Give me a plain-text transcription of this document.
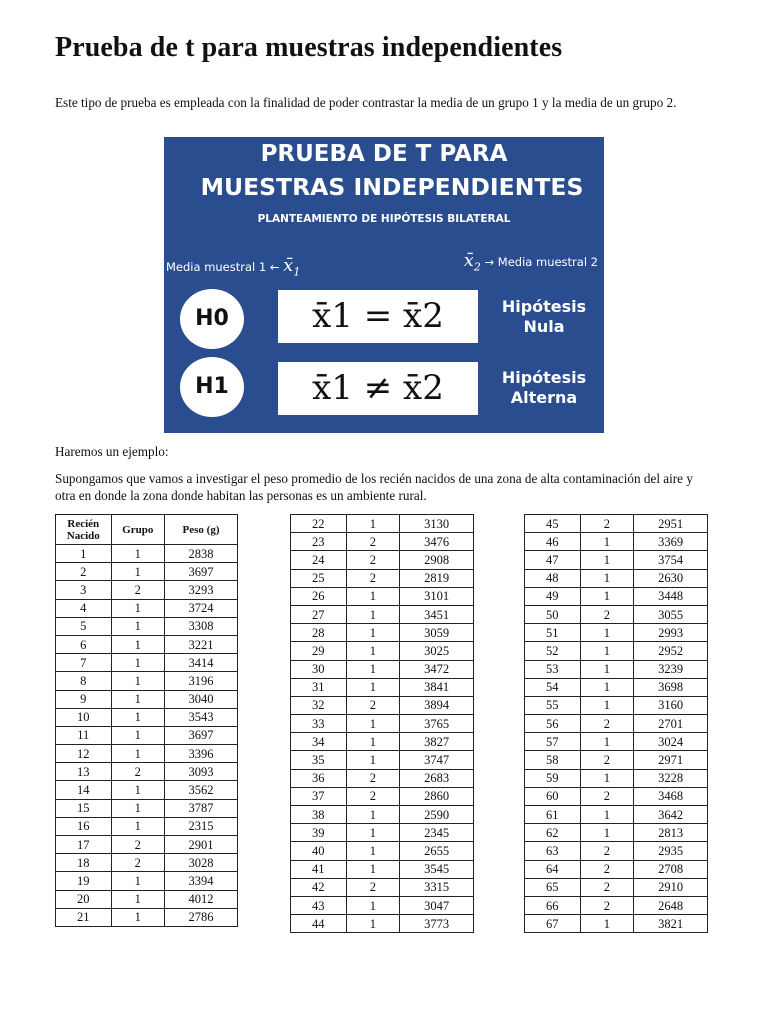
Prueba de t para muestras independientes

Este tipo de prueba es empleada con la finalidad de poder contrastar la media de un grupo 1 y la media de un grupo 2.

PRUEBA DE T PARA
MUESTRAS INDEPENDIENTES
PLANTEAMIENTO DE HIPÓTESIS BILATERAL
Media muestral 1 ← $x̄_1$
$x̄_2$ → Media muestral 2
H0
H1
x̄1 = x̄2
x̄1 ≠ x̄2
Hipótesis Nula
Hipótesis Alterna

Haremos un ejemplo:

Supongamos que vamos a investigar el peso promedio de los recién nacidos de una zona de alta contaminación del aire y otra en donde la zona donde habitan las personas es un ambiente rural.

Recién Nacido	Grupo	Peso (g)
1	1	2838
2	1	3697
3	2	3293
4	1	3724
5	1	3308
6	1	3221
7	1	3414
8	1	3196
9	1	3040
10	1	3543
11	1	3697
12	1	3396
13	2	3093
14	1	3562
15	1	3787
16	1	2315
17	2	2901
18	2	3028
19	1	3394
20	1	4012
21	1	2786
22	1	3130
23	2	3476
24	2	2908
25	2	2819
26	1	3101
27	1	3451
28	1	3059
29	1	3025
30	1	3472
31	1	3841
32	2	3894
33	1	3765
34	1	3827
35	1	3747
36	2	2683
37	2	2860
38	1	2590
39	1	2345
40	1	2655
41	1	3545
42	2	3315
43	1	3047
44	1	3773
45	2	2951
46	1	3369
47	1	3754
48	1	2630
49	1	3448
50	2	3055
51	1	2993
52	1	2952
53	1	3239
54	1	3698
55	1	3160
56	2	2701
57	1	3024
58	2	2971
59	1	3228
60	2	3468
61	1	3642
62	1	2813
63	2	2935
64	2	2708
65	2	2910
66	2	2648
67	1	3821
